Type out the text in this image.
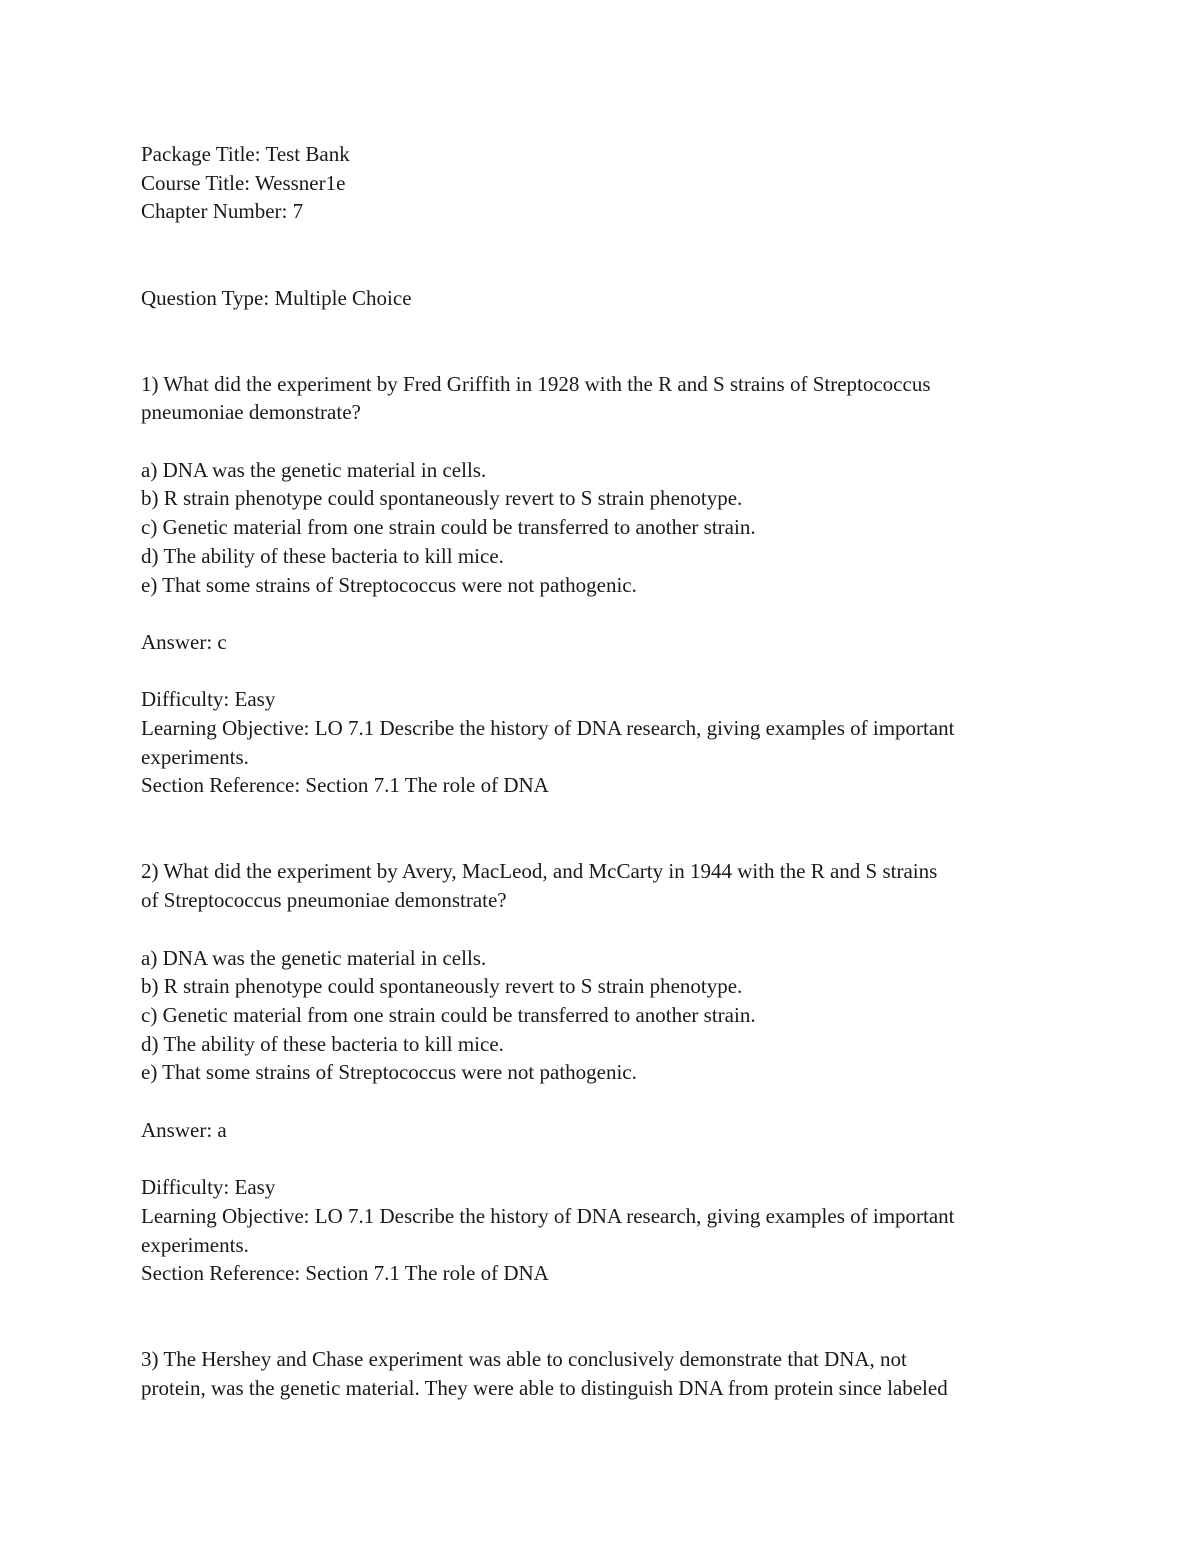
Package Title: Test Bank
Course Title: Wessner1e
Chapter Number: 7
Question Type: Multiple Choice
1) What did the experiment by Fred Griffith in 1928 with the R and S strains of Streptococcus
pneumoniae demonstrate?
a) DNA was the genetic material in cells.
b) R strain phenotype could spontaneously revert to S strain phenotype.
c) Genetic material from one strain could be transferred to another strain.
d) The ability of these bacteria to kill mice.
e) That some strains of Streptococcus were not pathogenic.
Answer: c
Difficulty: Easy
Learning Objective: LO 7.1 Describe the history of DNA research, giving examples of important
experiments.
Section Reference: Section 7.1 The role of DNA
2) What did the experiment by Avery, MacLeod, and McCarty in 1944 with the R and S strains
of Streptococcus pneumoniae demonstrate?
a) DNA was the genetic material in cells.
b) R strain phenotype could spontaneously revert to S strain phenotype.
c) Genetic material from one strain could be transferred to another strain.
d) The ability of these bacteria to kill mice.
e) That some strains of Streptococcus were not pathogenic.
Answer: a
Difficulty: Easy
Learning Objective: LO 7.1 Describe the history of DNA research, giving examples of important
experiments.
Section Reference: Section 7.1 The role of DNA
3) The Hershey and Chase experiment was able to conclusively demonstrate that DNA, not
protein, was the genetic material. They were able to distinguish DNA from protein since labeled
